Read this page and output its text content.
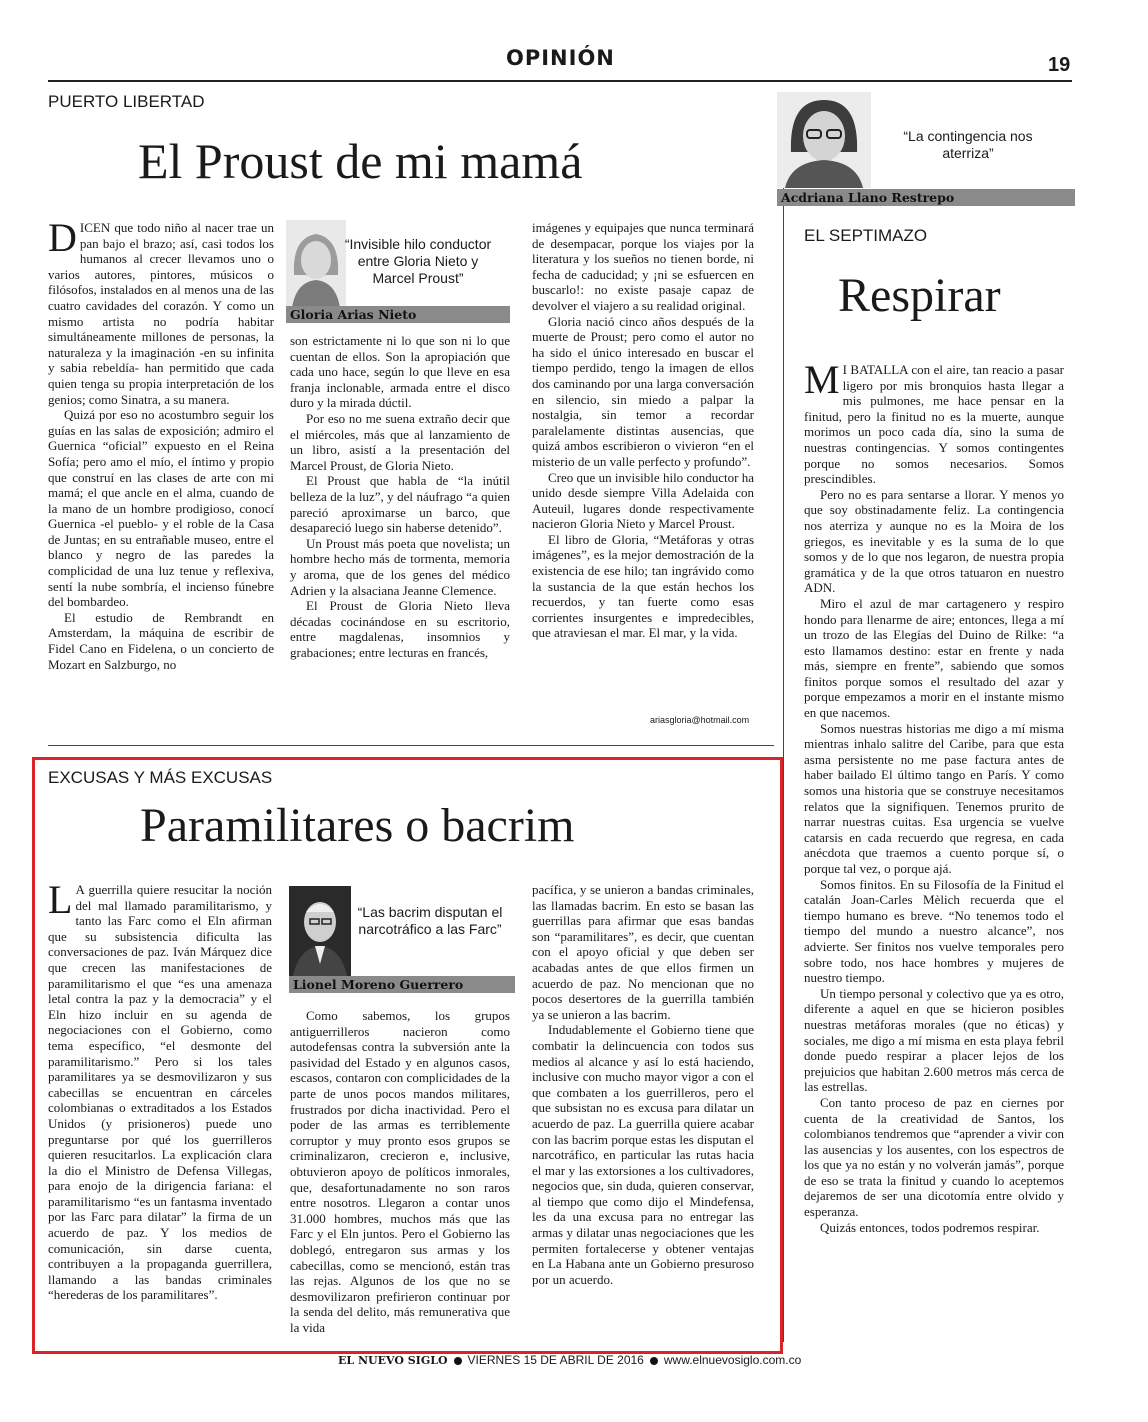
OPINIÓN	19
PUERTO LIBERTAD
El Proust de mi mamá

DICEN que todo niño al nacer trae un pan bajo el brazo; así, casi todos los humanos al crecer llevamos uno o varios autores, pintores, músicos o filósofos, instalados en al menos una de las cuatro cavidades del corazón. Y como un mismo artista no podría habitar simultáneamente millones de personas, la naturaleza y la imaginación -en su infinita y sabia rebeldía- han permitido que cada quien tenga su propia interpretación de los genios; como Sinatra, a su manera.

Quizá por eso no acostumbro seguir los guías en las salas de exposición; admiro el Guernica “oficial” expuesto en el Reina Sofía; pero amo el mío, el íntimo y propio que construí en las clases de arte con mi mamá; el que ancle en el alma, cuando de la mano de un hombre prodigioso, conocí Guernica -el pueblo- y el roble de la Casa de Juntas; en su entrañable museo, entre el blanco y negro de las paredes la complicidad de una luz tenue y reflexiva, sentí la nube sombría, el incienso fúnebre del bombardeo.

El estudio de Rembrandt en Amsterdam, la máquina de escribir de Fidel Cano en Fidelena, o un concierto de Mozart en Salzburgo, no

“Invisible hilo conductor entre Gloria Nieto y Marcel Proust”
Gloria Arias Nieto

son estrictamente ni lo que son ni lo que cuentan de ellos. Son la apropiación que cada uno hace, según lo que lleve en esa franja inclonable, armada entre el disco duro y la mirada dúctil.

Por eso no me suena extraño decir que el miércoles, más que al lanzamiento de un libro, asistí a la presentación del Marcel Proust, de Gloria Nieto.

El Proust que habla de “la inútil belleza de la luz”, y del náufrago “a quien pareció aproximarse un barco, que desapareció luego sin haberse detenido”.

Un Proust más poeta que novelista; un hombre hecho más de tormenta, memoria y aroma, que de los genes del médico Adrien y la alsaciana Jeanne Clemence.

El Proust de Gloria Nieto lleva décadas cocinándose en su escritorio, entre magdalenas, insomnios y grabaciones; entre lecturas en francés,

imágenes y equipajes que nunca terminará de desempacar, porque los viajes por la literatura y los sueños no tienen borde, ni fecha de caducidad; y ¡ni se esfuercen en buscarlo!: no existe pasaje capaz de devolver el viajero a su realidad original.

Gloria nació cinco años después de la muerte de Proust; pero como el autor no ha sido el único interesado en buscar el tiempo perdido, tengo la imagen de ellos dos caminando por una larga conversación en silencio, sin miedo a palpar la nostalgia, sin temor a recordar paralelamente distintas ausencias, que quizá ambos escribieron o vivieron “en el misterio de un valle perfecto y profundo”.

Creo que un invisible hilo conductor ha unido desde siempre Villa Adelaida con Auteuil, lugares donde respectivamente nacieron Gloria Nieto y Marcel Proust.

El libro de Gloria, “Metáforas y otras imágenes”, es la mejor demostración de la existencia de ese hilo; tan ingrávido como la sustancia de la que están hechos los recuerdos, y tan fuerte como esas corrientes insurgentes e impredecibles, que atraviesan el mar. El mar, y la vida.

ariasgloria@hotmail.com
“La contingencia nos aterriza”
Acdriana Llano Restrepo
EL SEPTIMAZO
Respirar

M I BATALLA con el aire, tan reacio a pasar ligero por mis bronquios hasta llegar a mis pulmones, me hace pensar en la finitud, pero la finitud no es la muerte, aunque morimos un poco cada día, sino la suma de nuestras contingencias. Y somos contingentes porque no somos necesarios. Somos prescindibles.

Pero no es para sentarse a llorar. Y menos yo que soy obstinadamente feliz. La contingencia nos aterriza y aunque no es la Moira de los griegos, es inevitable y es la suma de lo que somos y de lo que nos legaron, de nuestra propia gramática y de la que otros tatuaron en nuestro ADN.

Miro el azul de mar cartagenero y respiro hondo para llenarme de aire; entonces, llega a mí un trozo de las Elegías del Duino de Rilke: “a esto llamamos destino: estar en frente y nada más, siempre en frente”, sabiendo que somos finitos porque somos el resultado del azar y porque empezamos a morir en el instante mismo en que nacemos.

Somos nuestras historias me digo a mí misma mientras inhalo salitre del Caribe, para que esta asma persistente no me pase factura antes de haber bailado El último tango en París. Y como somos una historia que se construye necesitamos relatos que la signifiquen. Tenemos prurito de narrar nuestras cuitas. Esa urgencia se vuelve catarsis en cada recuerdo que regresa, en cada anécdota que traemos a cuento porque sí, o porque tal vez, o porque ajá.

Somos finitos. En su Filosofía de la Finitud el catalán Joan-Carles Mèlich recuerda que el tiempo humano es breve. “No tenemos todo el tiempo del mundo a nuestro alcance”, nos advierte. Ser finitos nos vuelve temporales pero sobre todo, nos hace hombres y mujeres de nuestro tiempo.

Un tiempo personal y colectivo que ya es otro, diferente a aquel en que se hicieron posibles nuestras metáforas morales (que no éticas) y sociales, me digo a mí misma en esta playa febril donde puedo respirar a placer lejos de los prejuicios que habitan 2.600 metros más cerca de las estrellas.

Con tanto proceso de paz en ciernes por cuenta de la creatividad de Santos, los colombianos tendremos que “aprender a vivir con las ausencias y los ausentes, con los espectros de los que ya no están y no volverán jamás”, porque de eso se trata la finitud y cuando lo aceptemos dejaremos de ser una dicotomía entre olvido y esperanza.

Quizás entonces, todos podremos respirar.

EXCUSAS Y MÁS EXCUSAS
Paramilitares o bacrim

L A guerrilla quiere resucitar la noción del mal llamado paramilitarismo, y tanto las Farc como el Eln afirman que su subsistencia dificulta las conversaciones de paz. Iván Márquez dice que crecen las manifestaciones de paramilitarismo el que “es una amenaza letal contra la paz y la democracia” y el Eln hizo incluir en su agenda de negociaciones con el Gobierno, como tema específico, “el desmonte del paramilitarismo.” Pero si los tales paramilitares ya se desmovilizaron y sus cabecillas se encuentran en cárceles colombianas o extraditados a los Estados Unidos (y prisioneros) puede uno preguntarse por qué los guerrilleros quieren resucitarlos. La explicación clara la dio el Ministro de Defensa Villegas, para enojo de la dirigencia fariana: el paramilitarismo “es un fantasma inventado por las Farc para dilatar” la firma de un acuerdo de paz. Y los medios de comunicación, sin darse cuenta, contribuyen a la propaganda guerrillera, llamando a las bandas criminales “herederas de los paramilitares”.

“Las bacrim disputan el narcotráfico a las Farc”
Lionel Moreno Guerrero

Como sabemos, los grupos antiguerrilleros nacieron como autodefensas contra la subversión ante la pasividad del Estado y en algunos casos, escasos, contaron con complicidades de la parte de unos pocos mandos militares, frustrados por dicha inactividad. Pero el poder de las armas es terriblemente corruptor y muy pronto esos grupos se criminalizaron, crecieron e, inclusive, obtuvieron apoyo de políticos inmorales, que, desafortunadamente no son raros entre nosotros. Llegaron a contar unos 31.000 hombres, muchos más que las Farc y el Eln juntos. Pero el Gobierno las doblegó, entregaron sus armas y los cabecillas, como se mencionó, están tras las rejas. Algunos de los que no se desmovilizaron prefirieron continuar por la senda del delito, más remunerativa que la vida

pacífica, y se unieron a bandas criminales, las llamadas bacrim. En esto se basan las guerrillas para afirmar que esas bandas son “paramilitares”, es decir, que cuentan con el apoyo oficial y que deben ser acabadas antes de que ellos firmen un acuerdo de paz. No mencionan que no pocos desertores de la guerrilla también ya se unieron a las bacrim.

Indudablemente el Gobierno tiene que combatir la delincuencia con todos sus medios al alcance y así lo está haciendo, inclusive con mucho mayor vigor a con el que combaten a los guerrilleros, pero el que subsistan no es excusa para dilatar un acuerdo de paz. La guerrilla quiere acabar con las bacrim porque estas les disputan el narcotráfico, en particular las rutas hacia el mar y las extorsiones a los cultivadores, negocios que, sin duda, quieren conservar, al tiempo que como dijo el Mindefensa, les da una excusa para no entregar las armas y dilatar unas negociaciones que les permiten fortalecerse y obtener ventajas en La Habana ante un Gobierno presuroso por un acuerdo.

EL NUEVO SIGLO VIERNES 15 DE ABRIL DE 2016 www.elnuevosiglo.com.co
